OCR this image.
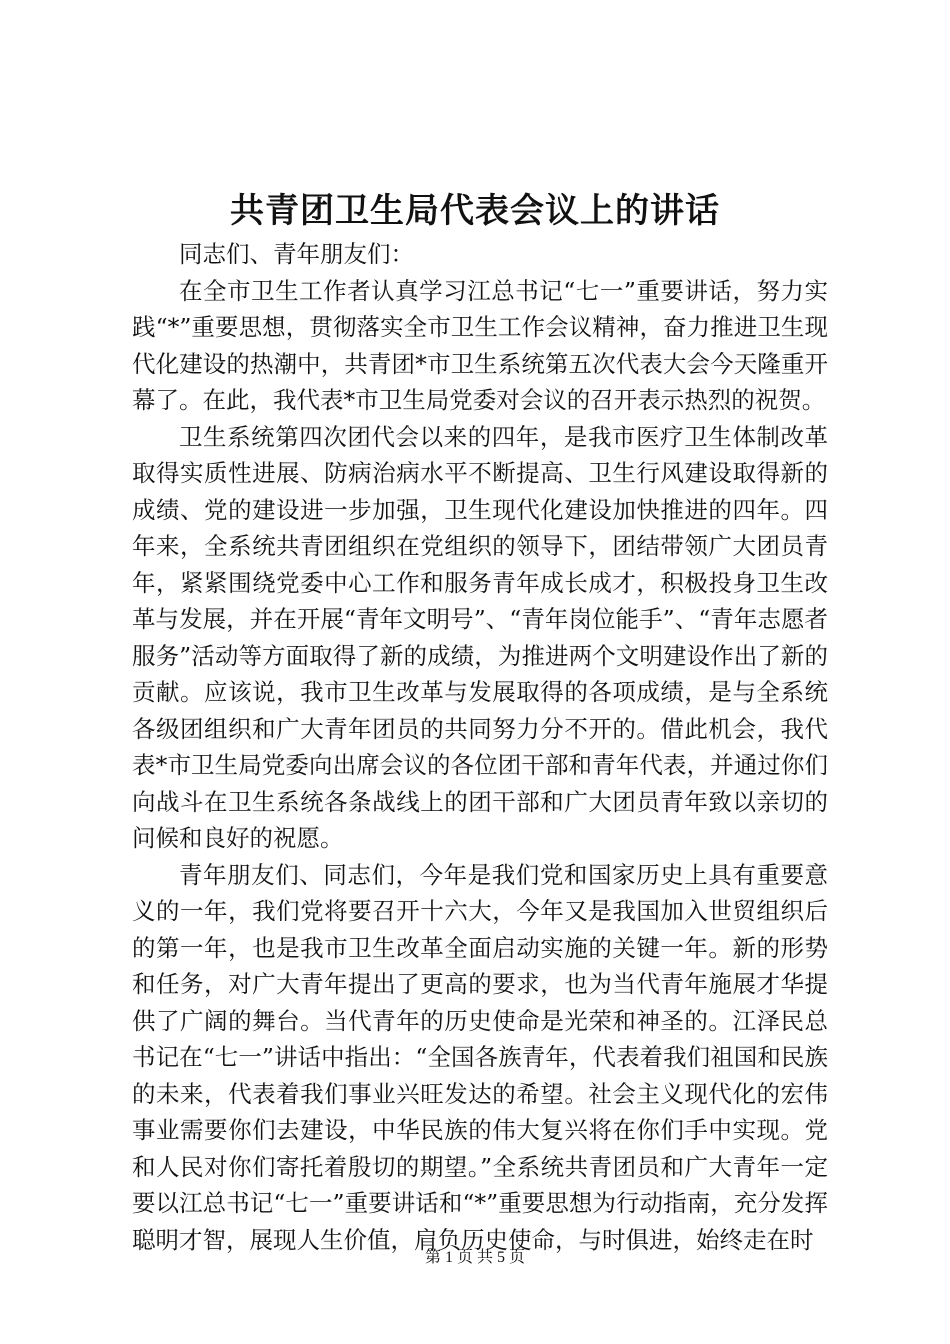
共青团卫生局代表会议上的讲话

同志们、青年朋友们：

在全市卫生工作者认真学习江总书记“七一”重要讲话，努力实践“*”重要思想，贯彻落实全市卫生工作会议精神，奋力推进卫生现代化建设的热潮中，共青团*市卫生系统第五次代表大会今天隆重开幕了。在此，我代表*市卫生局党委对会议的召开表示热烈的祝贺。

卫生系统第四次团代会以来的四年，是我市医疗卫生体制改革取得实质性进展、防病治病水平不断提高、卫生行风建设取得新的成绩、党的建设进一步加强，卫生现代化建设加快推进的四年。四年来，全系统共青团组织在党组织的领导下，团结带领广大团员青年，紧紧围绕党委中心工作和服务青年成长成才，积极投身卫生改革与发展，并在开展“青年文明号”、“青年岗位能手”、“青年志愿者服务”活动等方面取得了新的成绩，为推进两个文明建设作出了新的贡献。应该说，我市卫生改革与发展取得的各项成绩，是与全系统各级团组织和广大青年团员的共同努力分不开的。借此机会，我代表*市卫生局党委向出席会议的各位团干部和青年代表，并通过你们向战斗在卫生系统各条战线上的团干部和广大团员青年致以亲切的问候和良好的祝愿。

青年朋友们、同志们，今年是我们党和国家历史上具有重要意义的一年，我们党将要召开十六大，今年又是我国加入世贸组织后的第一年，也是我市卫生改革全面启动实施的关键一年。新的形势和任务，对广大青年提出了更高的要求，也为当代青年施展才华提供了广阔的舞台。当代青年的历史使命是光荣和神圣的。江泽民总书记在“七一”讲话中指出：“全国各族青年，代表着我们祖国和民族的未来，代表着我们事业兴旺发达的希望。社会主义现代化的宏伟事业需要你们去建设，中华民族的伟大复兴将在你们手中实现。党和人民对你们寄托着殷切的期望。”全系统共青团员和广大青年一定要以江总书记“七一”重要讲话和“*”重要思想为行动指南，充分发挥聪明才智，展现人生价值，肩负历史使命，与时俱进，始终走在时

第 1 页 共 5 页
